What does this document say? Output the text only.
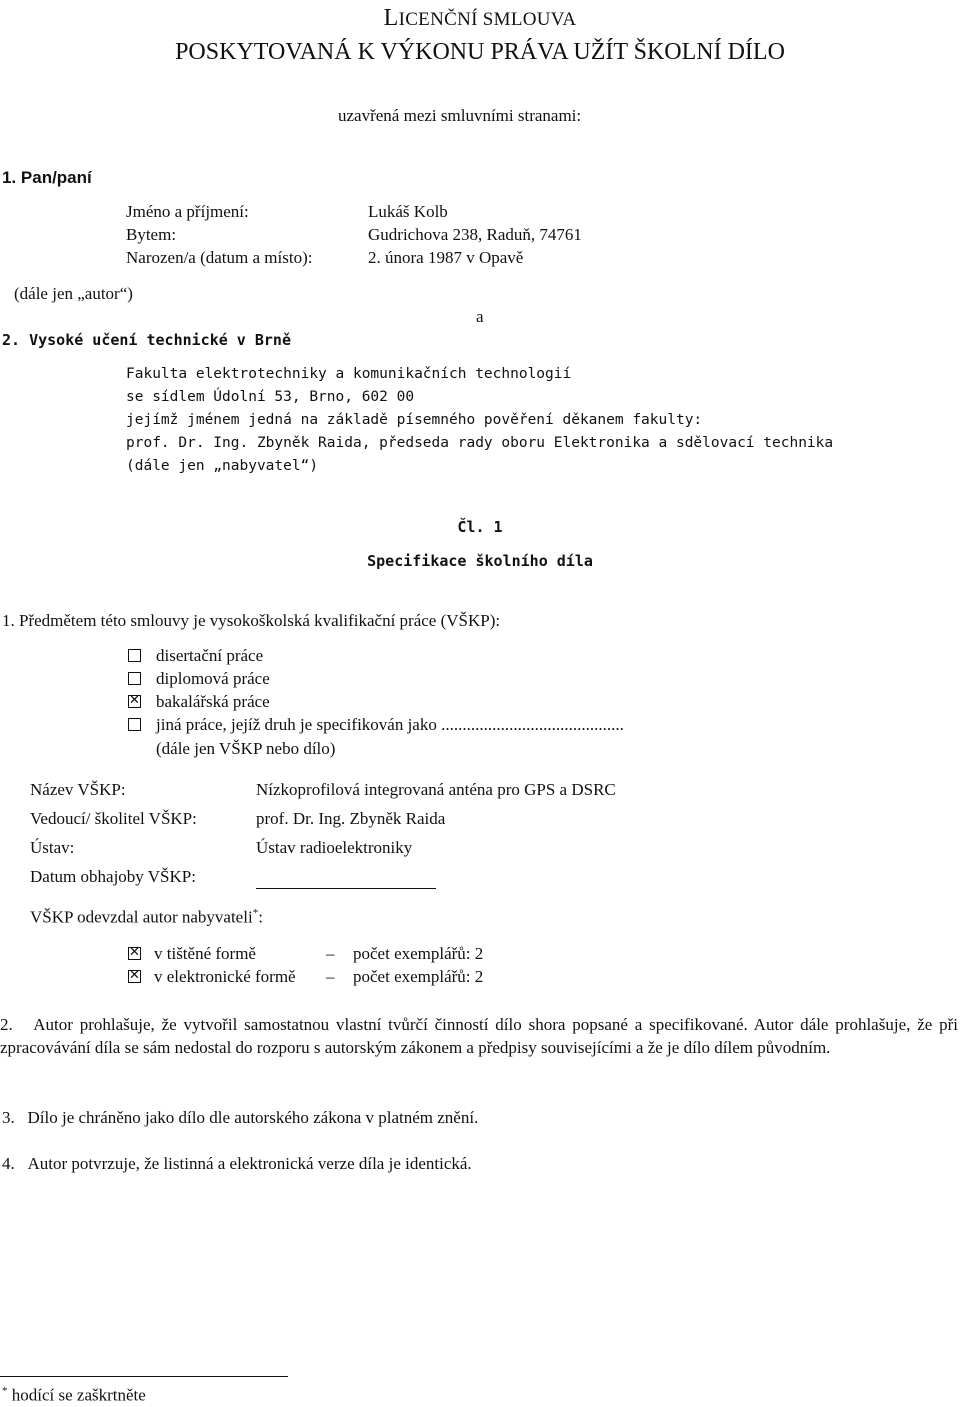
LICENČNÍ SMLOUVA
POSKYTOVANÁ K VÝKONU PRÁVA UŽÍT ŠKOLNÍ DÍLO
uzavřená mezi smluvními stranami:
1. Pan/paní
Jméno a příjmení:	Lukáš Kolb
Bytem:	Gudrichova 238, Raduň, 74761
Narozen/a (datum a místo):	2. února 1987 v Opavě
(dále jen „autor“)
a
2. Vysoké učení technické v Brně
Fakulta elektrotechniky a komunikačních technologií
se sídlem Údolní 53, Brno, 602 00
jejímž jménem jedná na základě písemného pověření děkanem fakulty:
prof. Dr. Ing. Zbyněk Raida, předseda rady oboru Elektronika a sdělovací technika
(dále jen „nabyvatel“)
Čl. 1
Specifikace školního díla
1. Předmětem této smlouvy je vysokoškolská kvalifikační práce (VŠKP):
disertační práce
diplomová práce
✕ bakalářská práce
jiná práce, jejíž druh je specifikován jako ...........................................
(dále jen VŠKP nebo dílo)
Název VŠKP:	Nízkoprofilová integrovaná anténa pro GPS a DSRC
Vedoucí/ školitel VŠKP:	prof. Dr. Ing. Zbyněk Raida
Ústav:	Ústav radioelektroniky
Datum obhajoby VŠKP:
VŠKP odevzdal autor nabyvateli*:
✕ v tištěné formě	– počet exemplářů: 2
✕ v elektronické formě – počet exemplářů: 2
2. Autor prohlašuje, že vytvořil samostatnou vlastní tvůrčí činností dílo shora popsané a specifikované. Autor dále prohlašuje, že při zpracovávání díla se sám nedostal do rozporu s autorským zákonem a předpisy souvisejícími a že je dílo dílem původním.
3. Dílo je chráněno jako dílo dle autorského zákona v platném znění.
4. Autor potvrzuje, že listinná a elektronická verze díla je identická.
* hodící se zaškrtněte
